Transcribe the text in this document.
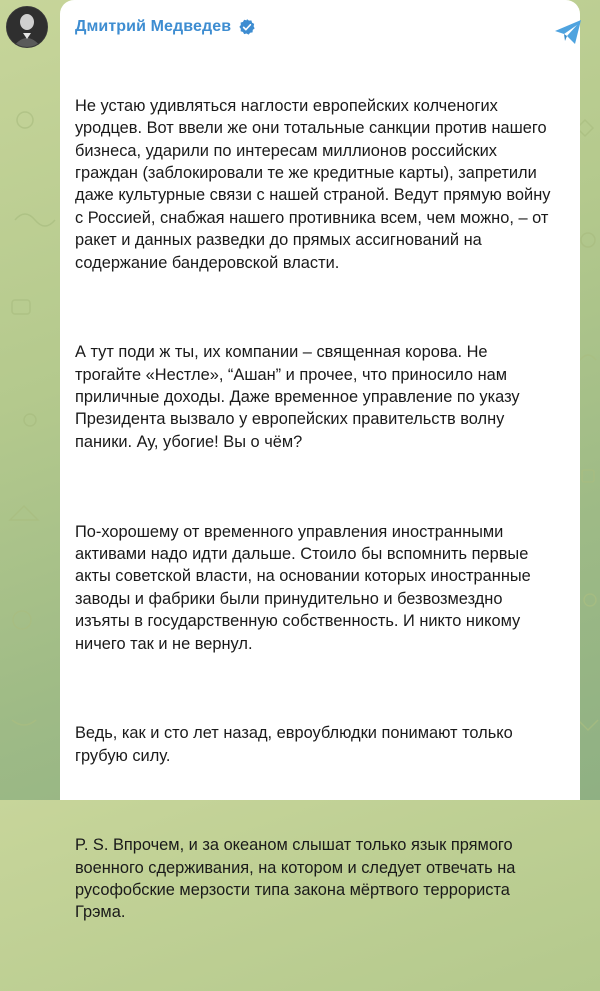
Дмитрий Медведев

Не устаю удивляться наглости европейских колченогих уродцев. Вот ввели же они тотальные санкции против нашего бизнеса, ударили по интересам миллионов российских граждан (заблокировали те же кредитные карты), запретили даже культурные связи с нашей страной. Ведут прямую войну с Россией, снабжая нашего противника всем, чем можно, – от ракет и данных разведки до прямых ассигнований на содержание бандеровской власти.

А тут поди ж ты, их компании – священная корова. Не трогайте «Нестле», “Ашан” и прочее, что приносило нам приличные доходы. Даже временное управление по указу Президента вызвало у европейских правительств волну паники. Ау, убогие! Вы о чём?

По-хорошему от временного управления иностранными активами надо идти дальше. Стоило бы вспомнить первые акты советской власти, на основании которых иностранные заводы и фабрики были принудительно и безвозмездно изъяты в государственную собственность. И никто никому ничего так и не вернул.

Ведь, как и сто лет назад, евроублюдки понимают только грубую силу.

P. S. Впрочем, и за океаном слышат только язык прямого военного сдерживания, на котором и следует отвечать на русофобские мерзости типа закона мёртвого террориста Грэма.
